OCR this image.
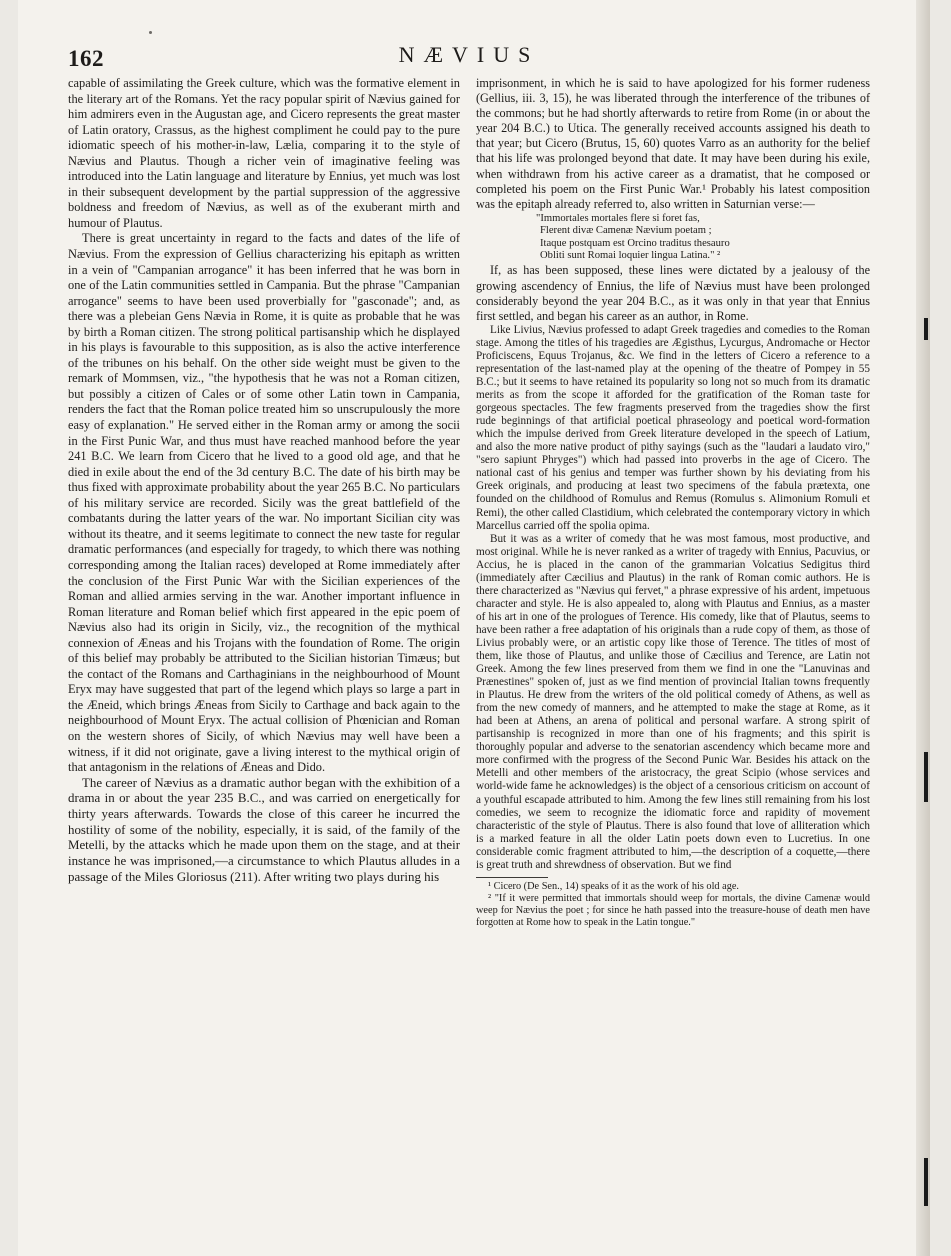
162	NÆVIUS

capable of assimilating the Greek culture, which was the formative element in the literary art of the Romans. Yet the racy popular spirit of Nævius gained for him admirers even in the Augustan age, and Cicero represents the great master of Latin oratory, Crassus, as the highest compliment he could pay to the pure idiomatic speech of his mother-in-law, Lælia, comparing it to the style of Nævius and Plautus. Though a richer vein of imaginative feeling was introduced into the Latin language and literature by Ennius, yet much was lost in their subsequent development by the partial suppression of the aggressive boldness and freedom of Nævius, as well as of the exuberant mirth and humour of Plautus.

There is great uncertainty in regard to the facts and dates of the life of Nævius. From the expression of Gellius characterizing his epitaph as written in a vein of "Campanian arrogance" it has been inferred that he was born in one of the Latin communities settled in Campania. But the phrase "Campanian arrogance" seems to have been used proverbially for "gasconade"; and, as there was a plebeian Gens Nævia in Rome, it is quite as probable that he was by birth a Roman citizen. The strong political partisanship which he displayed in his plays is favourable to this supposition, as is also the active interference of the tribunes on his behalf. On the other side weight must be given to the remark of Mommsen, viz., "the hypothesis that he was not a Roman citizen, but possibly a citizen of Cales or of some other Latin town in Campania, renders the fact that the Roman police treated him so unscrupulously the more easy of explanation." He served either in the Roman army or among the socii in the First Punic War, and thus must have reached manhood before the year 241 B.C. We learn from Cicero that he lived to a good old age, and that he died in exile about the end of the 3d century B.C. The date of his birth may be thus fixed with approximate probability about the year 265 B.C. No particulars of his military service are recorded. Sicily was the great battlefield of the combatants during the latter years of the war. No important Sicilian city was without its theatre, and it seems legitimate to connect the new taste for regular dramatic performances (and especially for tragedy, to which there was nothing corresponding among the Italian races) developed at Rome immediately after the conclusion of the First Punic War with the Sicilian experiences of the Roman and allied armies serving in the war. Another important influence in Roman literature and Roman belief which first appeared in the epic poem of Nævius also had its origin in Sicily, viz., the recognition of the mythical connexion of Æneas and his Trojans with the foundation of Rome. The origin of this belief may probably be attributed to the Sicilian historian Timæus; but the contact of the Romans and Carthaginians in the neighbourhood of Mount Eryx may have suggested that part of the legend which plays so large a part in the Æneid, which brings Æneas from Sicily to Carthage and back again to the neighbourhood of Mount Eryx. The actual collision of Phœnician and Roman on the western shores of Sicily, of which Nævius may well have been a witness, if it did not originate, gave a living interest to the mythical origin of that antagonism in the relations of Æneas and Dido.

The career of Nævius as a dramatic author began with the exhibition of a drama in or about the year 235 B.C., and was carried on energetically for thirty years afterwards. Towards the close of this career he incurred the hostility of some of the nobility, especially, it is said, of the family of the Metelli, by the attacks which he made upon them on the stage, and at their instance he was imprisoned,—a circumstance to which Plautus alludes in a passage of the Miles Gloriosus (211). After writing two plays during his

imprisonment, in which he is said to have apologized for his former rudeness (Gellius, iii. 3, 15), he was liberated through the interference of the tribunes of the commons; but he had shortly afterwards to retire from Rome (in or about the year 204 B.C.) to Utica. The generally received accounts assigned his death to that year; but Cicero (Brutus, 15, 60) quotes Varro as an authority for the belief that his life was prolonged beyond that date. It may have been during his exile, when withdrawn from his active career as a dramatist, that he composed or completed his poem on the First Punic War.¹ Probably his latest composition was the epitaph already referred to, also written in Saturnian verse:—

"Immortales mortales flere si foret fas,
Flerent divæ Camenæ Nævium poetam ;
Itaque postquam est Orcino traditus thesauro
Obliti sunt Romai loquier lingua Latina." ²

If, as has been supposed, these lines were dictated by a jealousy of the growing ascendency of Ennius, the life of Nævius must have been prolonged considerably beyond the year 204 B.C., as it was only in that year that Ennius first settled, and began his career as an author, in Rome.

Like Livius, Nævius professed to adapt Greek tragedies and comedies to the Roman stage. Among the titles of his tragedies are Ægisthus, Lycurgus, Andromache or Hector Proficiscens, Equus Trojanus, &c. We find in the letters of Cicero a reference to a representation of the last-named play at the opening of the theatre of Pompey in 55 B.C.; but it seems to have retained its popularity so long not so much from its dramatic merits as from the scope it afforded for the gratification of the Roman taste for gorgeous spectacles. The few fragments preserved from the tragedies show the first rude beginnings of that artificial poetical phraseology and poetical word-formation which the impulse derived from Greek literature developed in the speech of Latium, and also the more native product of pithy sayings (such as the "laudari a laudato viro," "sero sapiunt Phryges") which had passed into proverbs in the age of Cicero. The national cast of his genius and temper was further shown by his deviating from his Greek originals, and producing at least two specimens of the fabula prætexta, one founded on the childhood of Romulus and Remus (Romulus s. Alimonium Romuli et Remi), the other called Clastidium, which celebrated the contemporary victory in which Marcellus carried off the spolia opima.

But it was as a writer of comedy that he was most famous, most productive, and most original. While he is never ranked as a writer of tragedy with Ennius, Pacuvius, or Accius, he is placed in the canon of the grammarian Volcatius Sedigitus third (immediately after Cæcilius and Plautus) in the rank of Roman comic authors. He is there characterized as "Nævius qui fervet," a phrase expressive of his ardent, impetuous character and style. He is also appealed to, along with Plautus and Ennius, as a master of his art in one of the prologues of Terence. His comedy, like that of Plautus, seems to have been rather a free adaptation of his originals than a rude copy of them, as those of Livius probably were, or an artistic copy like those of Terence. The titles of most of them, like those of Plautus, and unlike those of Cæcilius and Terence, are Latin not Greek. Among the few lines preserved from them we find in one the "Lanuvinas and Prænestines" spoken of, just as we find mention of provincial Italian towns frequently in Plautus. He drew from the writers of the old political comedy of Athens, as well as from the new comedy of manners, and he attempted to make the stage at Rome, as it had been at Athens, an arena of political and personal warfare. A strong spirit of partisanship is recognized in more than one of his fragments; and this spirit is thoroughly popular and adverse to the senatorian ascendency which became more and more confirmed with the progress of the Second Punic War. Besides his attack on the Metelli and other members of the aristocracy, the great Scipio (whose services and world-wide fame he acknowledges) is the object of a censorious criticism on account of a youthful escapade attributed to him. Among the few lines still remaining from his lost comedies, we seem to recognize the idiomatic force and rapidity of movement characteristic of the style of Plautus. There is also found that love of alliteration which is a marked feature in all the older Latin poets down even to Lucretius. In one considerable comic fragment attributed to him,—the description of a coquette,—there is great truth and shrewdness of observation. But we find

¹ Cicero (De Sen., 14) speaks of it as the work of his old age.

² "If it were permitted that immortals should weep for mortals, the divine Camenæ would weep for Nævius the poet ; for since he hath passed into the treasure-house of death men have forgotten at Rome how to speak in the Latin tongue."
